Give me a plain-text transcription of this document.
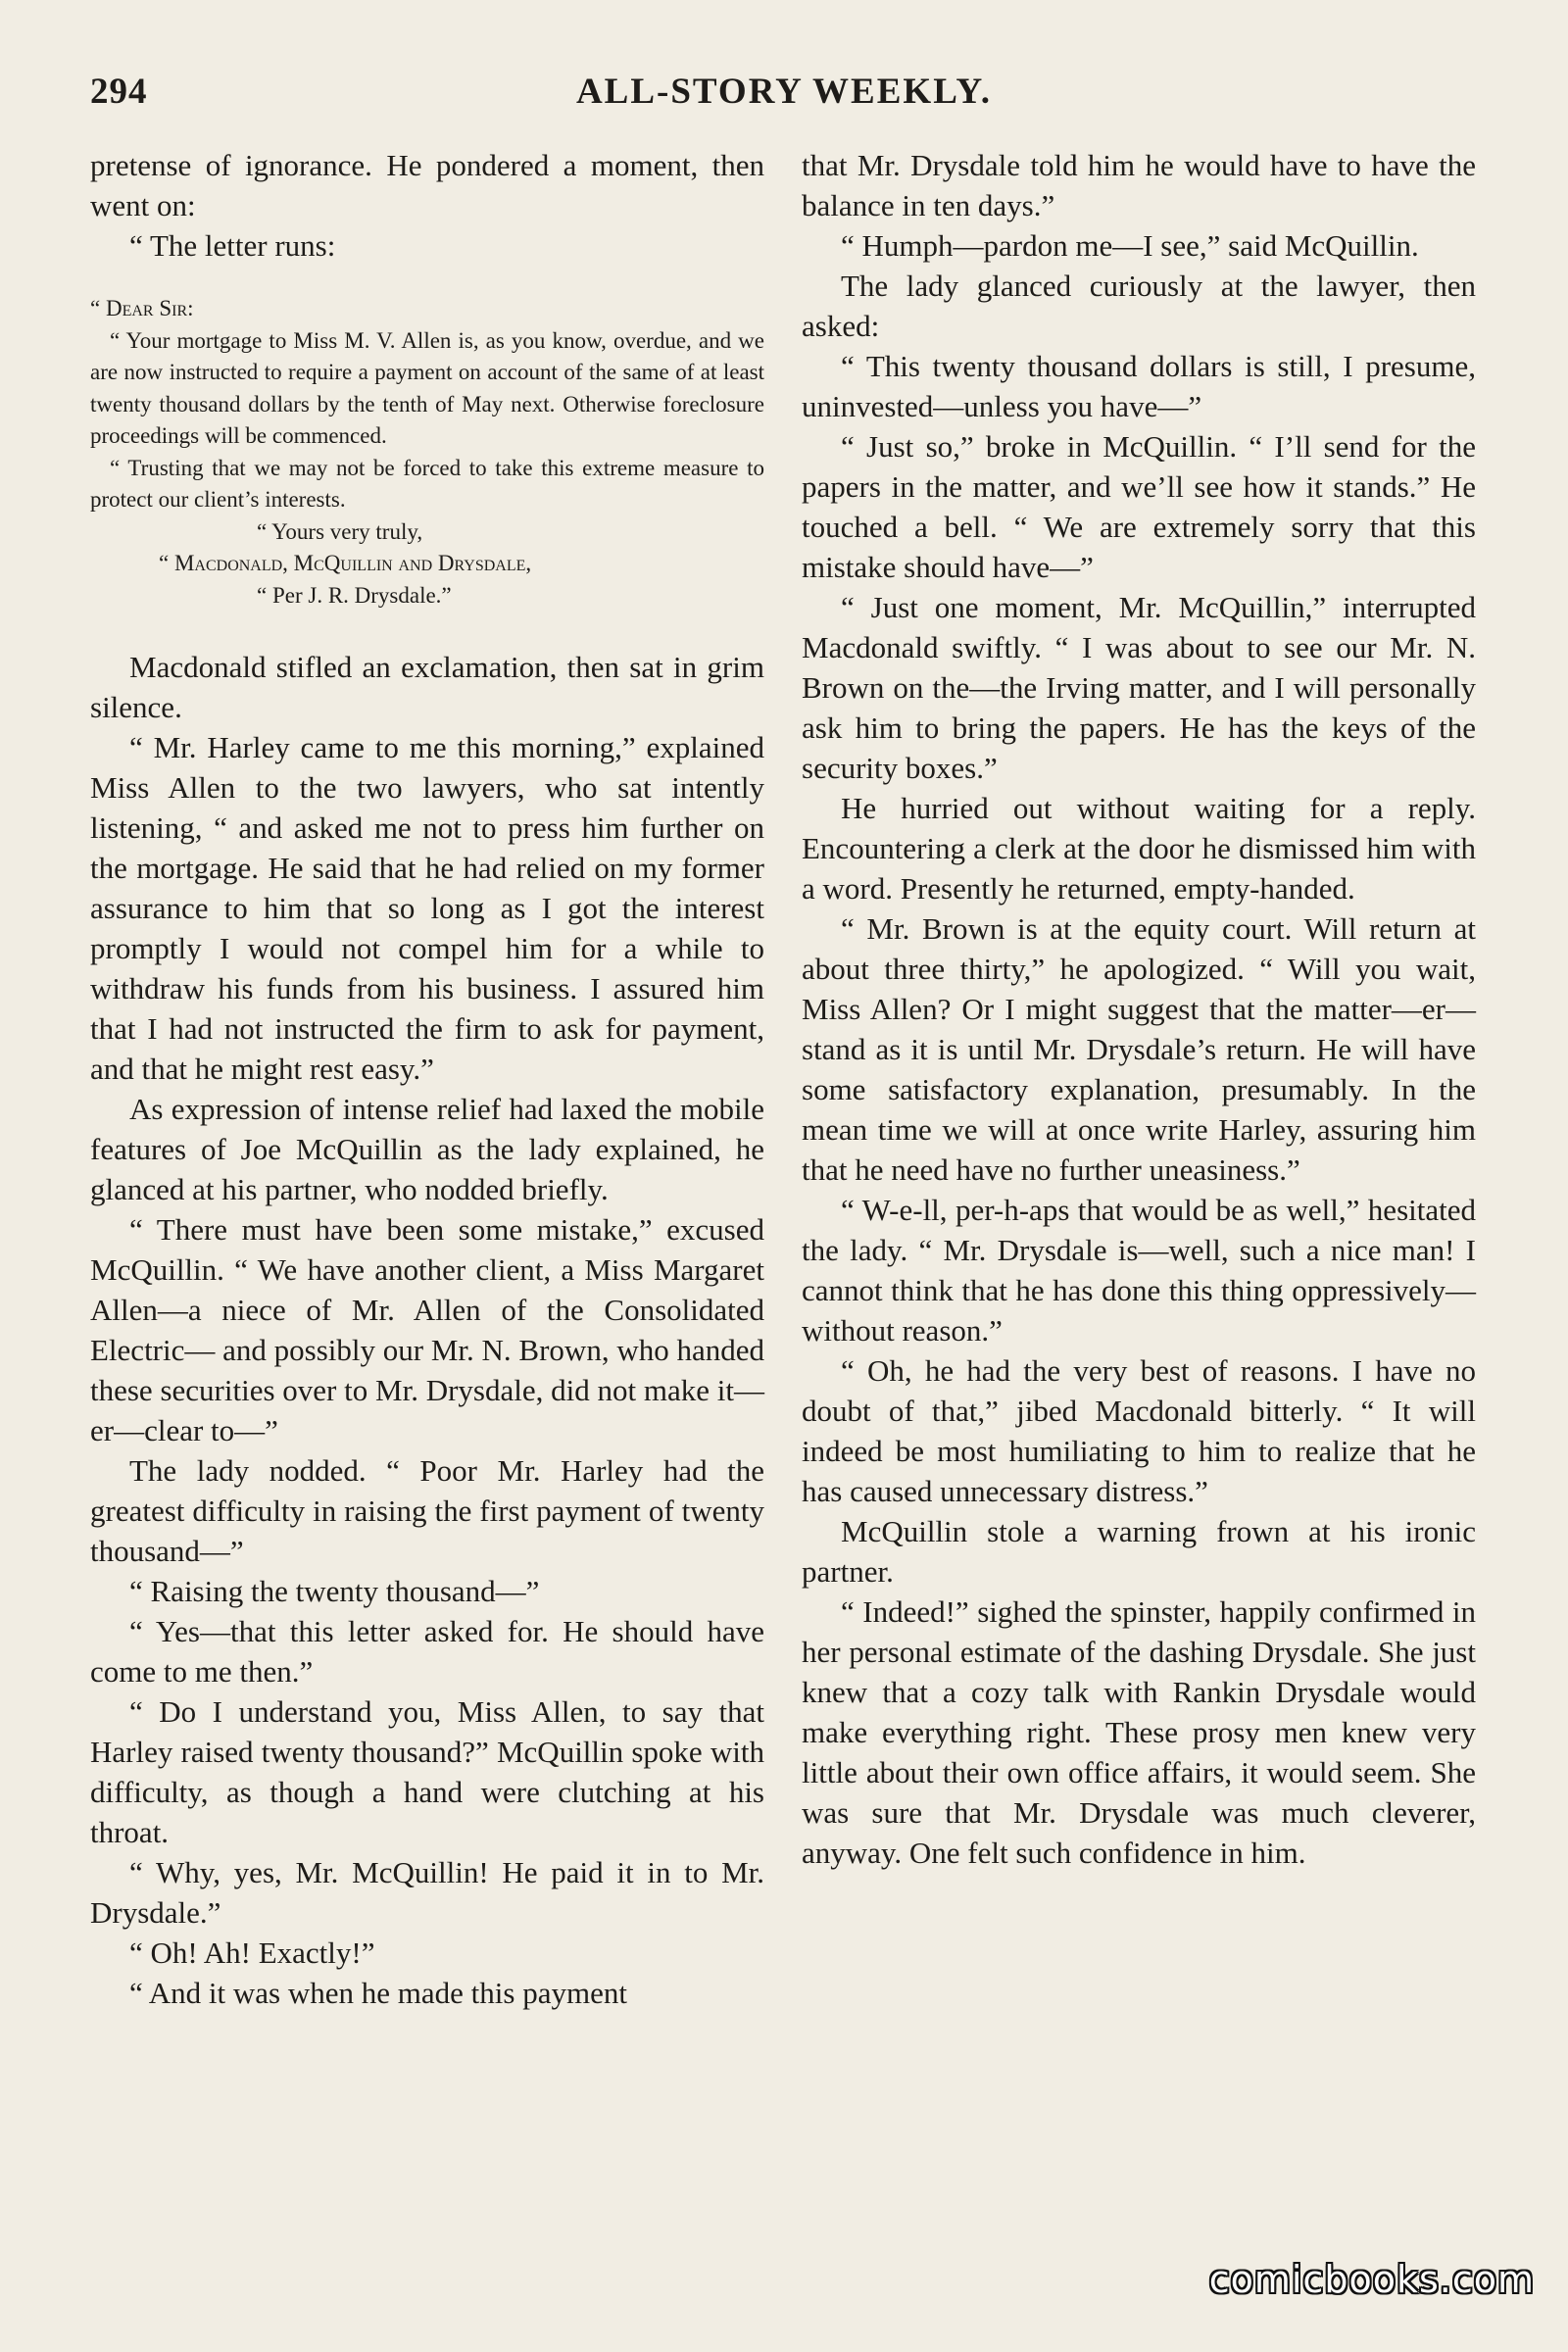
294	ALL-STORY WEEKLY.

pretense of ignorance. He pondered a moment, then went on:

“ The letter runs:

“ Dear Sir:

“ Your mortgage to Miss M. V. Allen is, as you know, overdue, and we are now instructed to require a payment on account of the same of at least twenty thousand dollars by the tenth of May next. Otherwise foreclosure proceedings will be commenced.

“ Trusting that we may not be forced to take this extreme measure to protect our client’s interests.

“ Yours very truly,

“ Macdonald, McQuillin and Drysdale,

“ Per J. R. Drysdale.”

Macdonald stifled an exclamation, then sat in grim silence.

“ Mr. Harley came to me this morning,” explained Miss Allen to the two lawyers, who sat intently listening, “ and asked me not to press him further on the mortgage. He said that he had relied on my former assurance to him that so long as I got the interest promptly I would not compel him for a while to withdraw his funds from his business. I assured him that I had not instructed the firm to ask for payment, and that he might rest easy.”

As expression of intense relief had laxed the mobile features of Joe McQuillin as the lady explained, he glanced at his partner, who nodded briefly.

“ There must have been some mistake,” excused McQuillin. “ We have another client, a Miss Margaret Allen—a niece of Mr. Allen of the Consolidated Electric— and possibly our Mr. N. Brown, who handed these securities over to Mr. Drysdale, did not make it—er—clear to—”

The lady nodded. “ Poor Mr. Harley had the greatest difficulty in raising the first payment of twenty thousand—”

“ Raising the twenty thousand—”

“ Yes—that this letter asked for. He should have come to me then.”

“ Do I understand you, Miss Allen, to say that Harley raised twenty thousand?” McQuillin spoke with difficulty, as though a hand were clutching at his throat.

“ Why, yes, Mr. McQuillin! He paid it in to Mr. Drysdale.”

“ Oh! Ah! Exactly!”

“ And it was when he made this payment

that Mr. Drysdale told him he would have to have the balance in ten days.”

“ Humph—pardon me—I see,” said McQuillin.

The lady glanced curiously at the lawyer, then asked:

“ This twenty thousand dollars is still, I presume, uninvested—unless you have—”

“ Just so,” broke in McQuillin. “ I’ll send for the papers in the matter, and we’ll see how it stands.” He touched a bell. “ We are extremely sorry that this mistake should have—”

“ Just one moment, Mr. McQuillin,” interrupted Macdonald swiftly. “ I was about to see our Mr. N. Brown on the—the Irving matter, and I will personally ask him to bring the papers. He has the keys of the security boxes.”

He hurried out without waiting for a reply. Encountering a clerk at the door he dismissed him with a word. Presently he returned, empty-handed.

“ Mr. Brown is at the equity court. Will return at about three thirty,” he apologized. “ Will you wait, Miss Allen? Or I might suggest that the matter—er—stand as it is until Mr. Drysdale’s return. He will have some satisfactory explanation, presumably. In the mean time we will at once write Harley, assuring him that he need have no further uneasiness.”

“ W-e-ll, per-h-aps that would be as well,” hesitated the lady. “ Mr. Drysdale is—well, such a nice man! I cannot think that he has done this thing oppressively— without reason.”

“ Oh, he had the very best of reasons. I have no doubt of that,” jibed Macdonald bitterly. “ It will indeed be most humiliating to him to realize that he has caused unnecessary distress.”

McQuillin stole a warning frown at his ironic partner.

“ Indeed!” sighed the spinster, happily confirmed in her personal estimate of the dashing Drysdale. She just knew that a cozy talk with Rankin Drysdale would make everything right. These prosy men knew very little about their own office affairs, it would seem. She was sure that Mr. Drysdale was much cleverer, anyway. One felt such confidence in him.

comicbooks.com
